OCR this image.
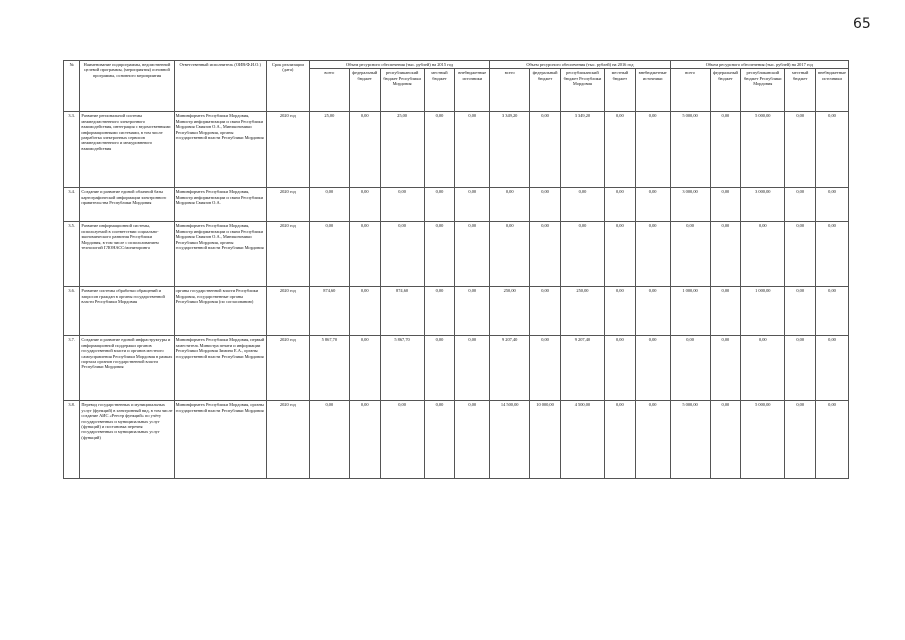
65
№	Наименование подпрограммы, ведомственной целевой программы, (мероприятия) основной программы, основного мероприятия	Ответственный исполнитель (ОИВ/Ф.И.О.)	Срок реализации (дата)	Объем ресурсного обеспечения (тыс. рублей) на 2015 год					Объем ресурсного обеспечения (тыс. рублей) на 2016 год					Объем ресурсного обеспечения (тыс. рублей) на 2017 год				
				всего	федеральный бюджет	республиканский бюджет Республики Мордовия	местный бюджет	внебюджетные источники	всего	федеральный бюджет	республиканский бюджет Республики Мордовия	местный бюджет	внебюджетные источники	всего	федеральный бюджет	республиканский бюджет Республики Мордовия	местный бюджет	внебюджетные источники
3.3.	Развитие региональной системы межведомственного электронного взаимодействия, интеграция с ведомственными информационными системами, в том числе разработка электронных сервисов межведомственного и межуровневого взаимодействия	Мининформтех Республики Мордовия, Министр информатизации и связи Республики Мордовия Свиязов О.А., Минэкономики Республики Мордовия, органы государственной власти Республики Мордовия	2020 год	25,00	0,00	25,00	0,00	0,00	3 349,20	0,00	3 349,20	0,00	0,00	5 000,00	0,00	5 000,00	0,00	0,00
3.4.	Создание и развитие единой облачной базы картографической информации электронного правительства Республики Мордовия	Мининформтех Республики Мордовия, Министр информатизации и связи Республики Мордовия Свиязов О.А.	2020 год	0,00	0,00	0,00	0,00	0,00	0,00	0,00	0,00	0,00	0,00	3 000,00	0,00	3 000,00	0,00	0,00
3.5.	Развитие информационной системы, используемой в соответствии социально-экономического развития Республики Мордовия, в том числе с использованием технологий ГЛОНАСС/мониторинга	Мининформтех Республики Мордовия, Министр информатизации и связи Республики Мордовия Свиязов О.А., Минэкономики Республики Мордовия, органы государственной власти Республики Мордовия	2020 год	0,00	0,00	0,00	0,00	0,00	0,00	0,00	0,00	0,00	0,00	0,00	0,00	0,00	0,00	0,00
3.6.	Развитие системы обработки обращений и запросов граждан в органы государственной власти Республики Мордовия	органы государственной власти Республики Мордовия, государственные органы Республики Мордовия (по согласованию)	2020 год	874,60	0,00	874,60	0,00	0,00	250,00	0,00	250,00	0,00	0,00	1 000,00	0,00	1 000,00	0,00	0,00
3.7.	Создание и развитие единой инфраструктуры и информационной поддержки органов государственной власти и органов местного самоуправления Республики Мордовия в рамках портала органов государственной власти Республики Мордовия	Мининформтех Республики Мордовия, первый заместитель Министра печати и информации Республики Мордовия Зимина Е.А., органы государственной власти Республики Мордовия	2020 год	5 867,70	0,00	5 867,70	0,00	0,00	9 207,40	0,00	9 207,40	0,00	0,00	0,00	0,00	0,00	0,00	0,00
3.8.	Перевод государственных и муниципальных услуг (функций) в электронный вид, в том числе создание АИС «Реестр функций» по учёту государственных и муниципальных услуг (функций) и постановка перечня государственных и муниципальных услуг (функций)	Мининформтех Республики Мордовия, органы государственной власти Республики Мордовия	2020 год	0,00	0,00	0,00	0,00	0,00	14 500,00	10 000,00	4 500,00	0,00	0,00	5 000,00	0,00	5 000,00	0,00	0,00
